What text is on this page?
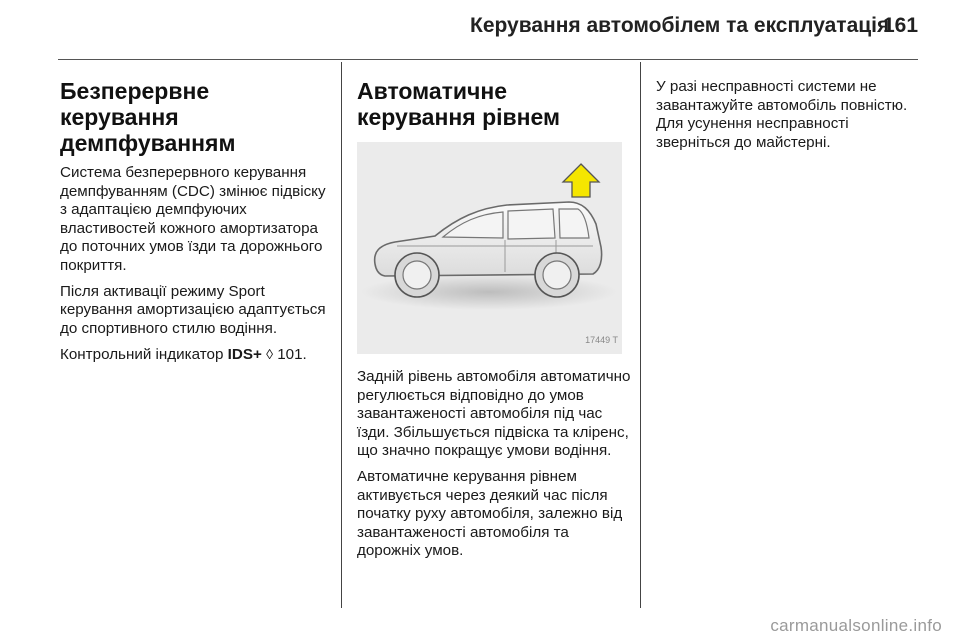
Керування автомобілем та експлуатація
161
Безперервне керування демпфуванням

Система безперервного керування демпфуванням (CDC) змінює підвіску з адаптацією демпфуючих властивостей кожного амортизатора до поточних умов їзди та дорожнього покриття.

Після активації режиму Sport керування амортизацією адаптується до спортивного стилю водіння.

Контрольний індикатор IDS+ ◊ 101.

Автоматичне керування рівнем
17449 T

Задній рівень автомобіля автоматично регулюється відповідно до умов завантаженості автомобіля під час їзди. Збільшується підвіска та кліренс, що значно покращує умови водіння.

Автоматичне керування рівнем активується через деякий час після початку руху автомобіля, залежно від завантаженості автомобіля та дорожніх умов.

У разі несправності системи не завантажуйте автомобіль повністю. Для усунення несправності зверніться до майстерні.

carmanualsonline.info
